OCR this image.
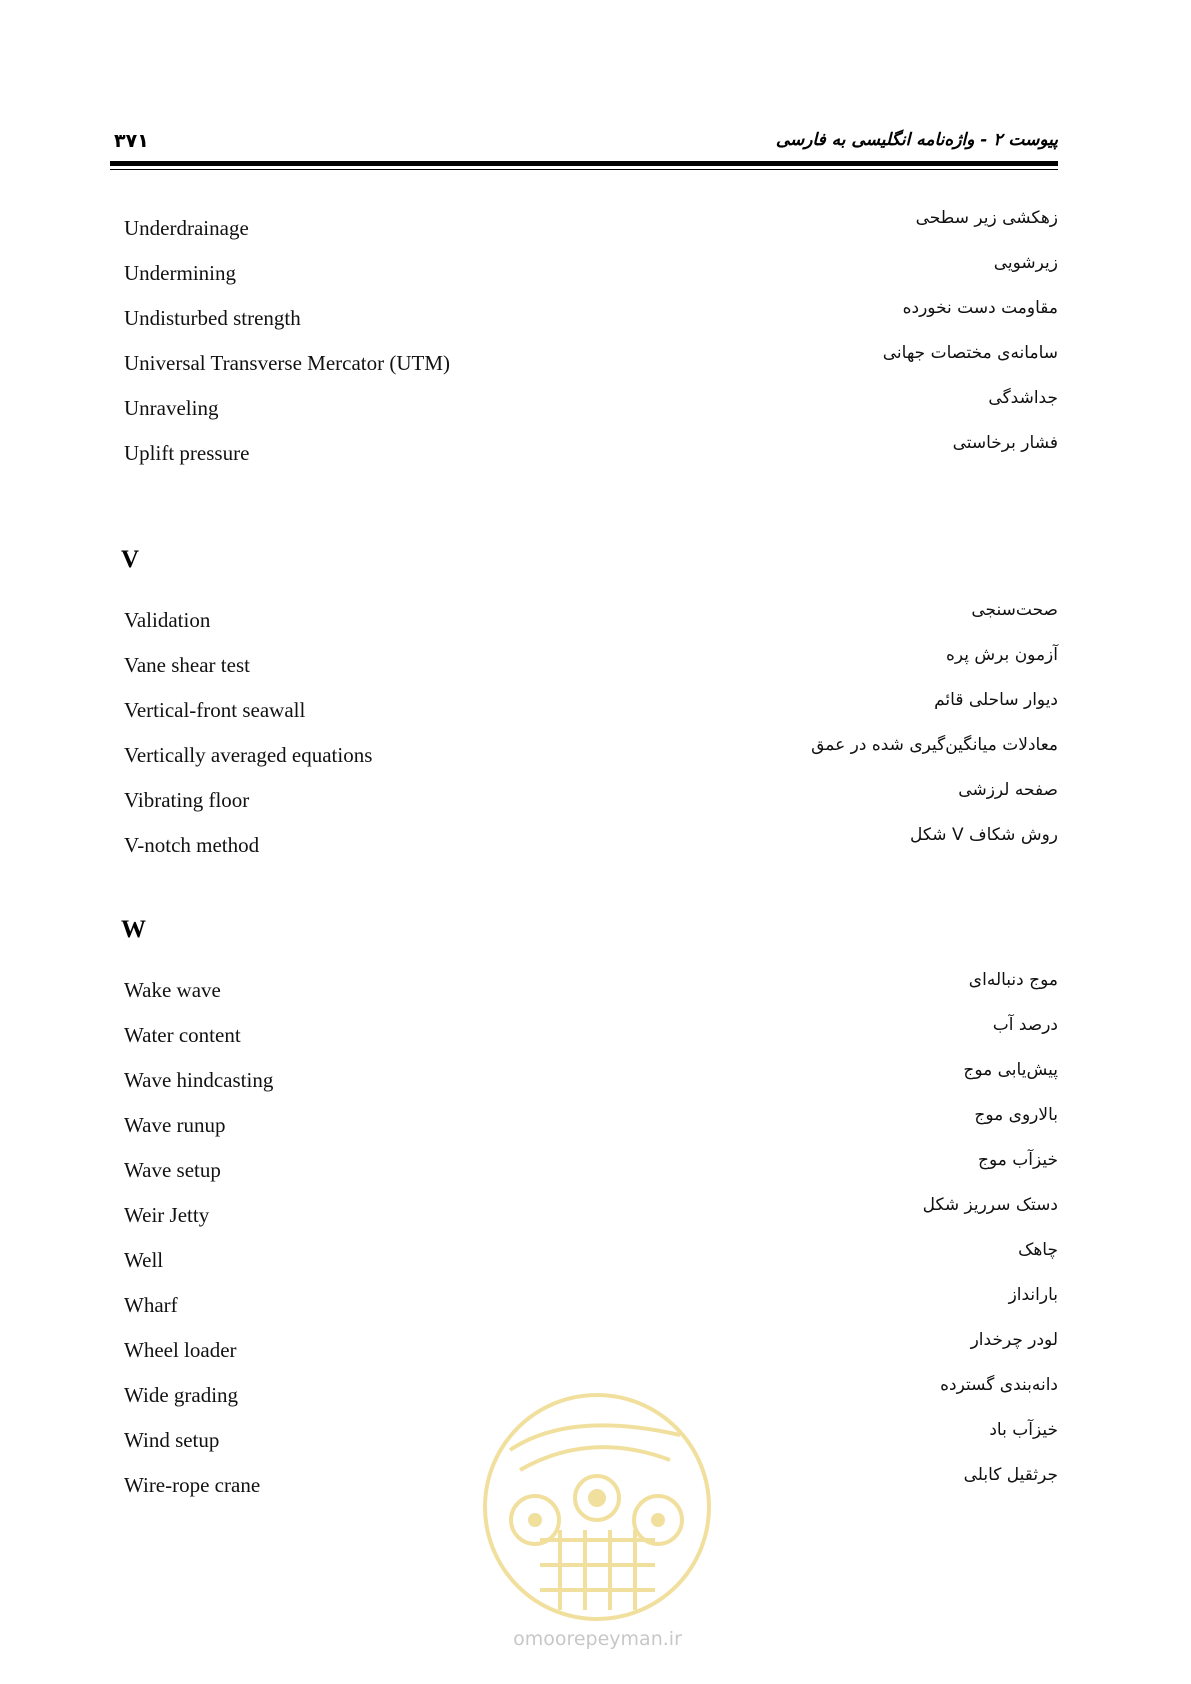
۳۷۱	پیوست ۲ - واژه‌نامه انگلیسی به فارسی
Underdrainage	زهکشی زیر سطحی
Undermining	زیرشویی
Undisturbed strength	مقاومت دست نخورده
Universal Transverse Mercator (UTM)	سامانه‌ی مختصات جهانی
Unraveling	جداشدگی
Uplift pressure	فشار برخاستی
V
Validation	صحت‌سنجی
Vane shear test	آزمون برش پره
Vertical-front seawall	دیوار ساحلی قائم
Vertically averaged equations	معادلات میانگین‌گیری شده در عمق
Vibrating floor	صفحه لرزشی
V-notch method	روش شکاف V شکل
W
Wake wave	موج دنباله‌ای
Water content	درصد آب
Wave hindcasting	پیش‌یابی موج
Wave runup	بالاروی موج
Wave setup	خیزآب موج
Weir Jetty	دستک سرریز شکل
Well	چاهک
Wharf	بارانداز
Wheel loader	لودر چرخدار
Wide grading	دانه‌بندی گسترده
Wind setup	خیزآب باد
Wire-rope crane	جرثقیل کابلی
omoorepeyman.ir
